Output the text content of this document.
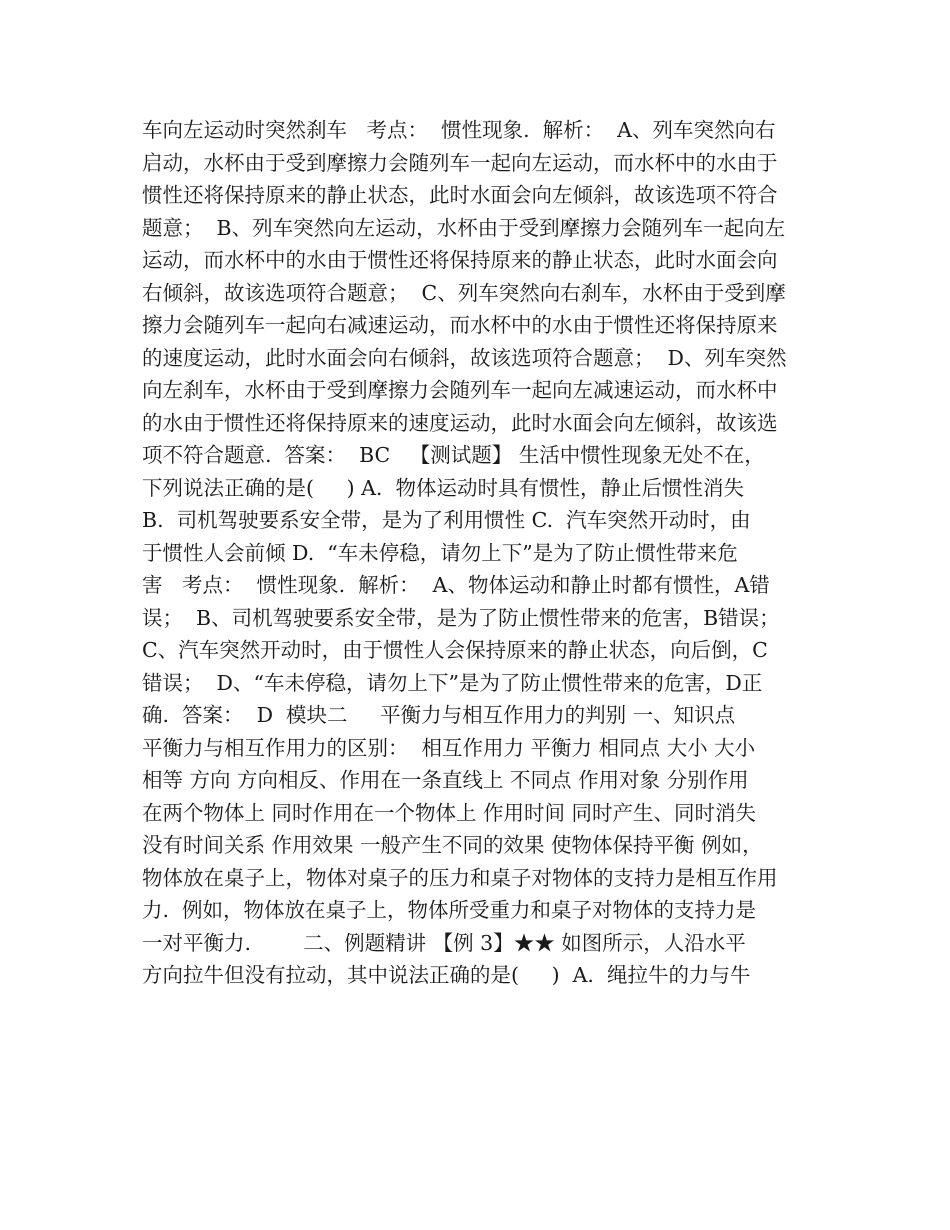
车向左运动时突然刹车   考点：  惯性现象.  解析：  A、列车突然向右
启动，水杯由于受到摩擦力会随列车一起向左运动，而水杯中的水由于
惯性还将保持原来的静止状态，此时水面会向左倾斜，故该选项不符合
题意；  B、列车突然向左运动，水杯由于受到摩擦力会随列车一起向左
运动，而水杯中的水由于惯性还将保持原来的静止状态，此时水面会向
右倾斜，故该选项符合题意；  C、列车突然向右刹车，水杯由于受到摩
擦力会随列车一起向右减速运动，而水杯中的水由于惯性还将保持原来
的速度运动，此时水面会向右倾斜，故该选项符合题意；  D、列车突然
向左刹车，水杯由于受到摩擦力会随列车一起向左减速运动，而水杯中
的水由于惯性还将保持原来的速度运动，此时水面会向左倾斜，故该选
项不符合题意.  答案：  BC   【测试题】 生活中惯性现象无处不在，
下列说法正确的是(     ) A.  物体运动时具有惯性，静止后惯性消失
B.  司机驾驶要系安全带，是为了利用惯性 C.  汽车突然开动时，由
于惯性人会前倾 D.  “车未停稳，请勿上下”是为了防止惯性带来危
害   考点：  惯性现象.  解析：  A、物体运动和静止时都有惯性，A错
误；  B、司机驾驶要系安全带，是为了防止惯性带来的危害，B错误；
C、汽车突然开动时，由于惯性人会保持原来的静止状态，向后倒，C
错误；  D、“车未停稳，请勿上下”是为了防止惯性带来的危害，D正
确.  答案：  D  模块二     平衡力与相互作用力的判别 一、知识点
平衡力与相互作用力的区别：  相互作用力 平衡力 相同点 大小 大小
相等 方向 方向相反、作用在一条直线上 不同点 作用对象 分别作用
在两个物体上 同时作用在一个物体上 作用时间 同时产生、同时消失
没有时间关系 作用效果 一般产生不同的效果 使物体保持平衡 例如，
物体放在桌子上，物体对桌子的压力和桌子对物体的支持力是相互作用
力.  例如，物体放在桌子上，物体所受重力和桌子对物体的支持力是
一对平衡力.        二、例题精讲 【例 3】★★ 如图所示，人沿水平
方向拉牛但没有拉动，其中说法正确的是(     )  A.  绳拉牛的力与牛
